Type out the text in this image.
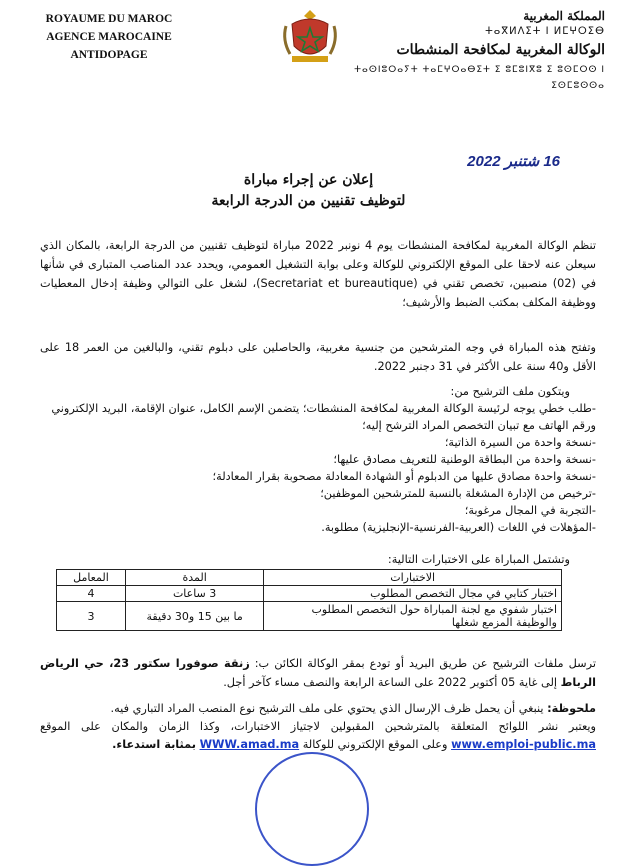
ROYAUME DU MAROC
AGENCE MAROCAINE ANTIDOPAGE
المملكة المغربية
ⵜⴰⴳⵍⴷⵉⵜ ⵏ ⵍⵎⵖⵔⵉⴱ
الوكالة المغربية لمكافحة المنشطات
ⵜⴰⵙⵏⵓⵔⴰⵢⵜ ⵜⴰⵎⵖⵔⴰⴱⵉⵜ ⵉ ⵓⵎⵓⵏⴳⵓ ⵉ ⵓⵙⵎⵔⵙ ⵏ ⵉⵙⵎⵓⵙⵙⴰ
16 شتنبر 2022
إعلان عن إجراء مباراة
لتوظيف تقنيين من الدرجة الرابعة

تنظم الوكالة المغربية لمكافحة المنشطات يوم 4 نونبر 2022 مباراة لتوظيف تقنيين من الدرجة الرابعة، بالمكان الذي سيعلن عنه لاحقا على الموقع الإلكتروني للوكالة وعلى بوابة التشغيل العمومي، ويحدد عدد المناصب المتبارى في شأنها في (02) منصبين، تخصص تقني في (Secretariat et bureautique)، لشغل على التوالي وظيفة إدخال المعطيات ووظيفة المكلف بمكتب الضبط والأرشيف؛

وتفتح هذه المباراة في وجه المترشحين من جنسية مغربية، والحاصلين على دبلوم تقني، والبالغين من العمر 18 على الأقل و40 سنة على الأكثر في 31 دجنبر 2022.

ويتكون ملف الترشيح من:
-طلب خطي يوجه لرئيسة الوكالة المغربية لمكافحة المنشطات؛ يتضمن الإسم الكامل، عنوان الإقامة، البريد الإلكتروني ورقم الهاتف مع تبيان التخصص المراد الترشح إليه؛
-نسخة واحدة من السيرة الذاتية؛
-نسخة واحدة من البطاقة الوطنية للتعريف مصادق عليها؛
-نسخة واحدة مصادق عليها من الدبلوم أو الشهادة المعادلة مصحوبة بقرار المعادلة؛
-ترخيص من الإدارة المشغلة بالنسبة للمترشحين الموظفين؛
-التجربة في المجال مرغوبة؛
-المؤهلات في اللغات (العربية-الفرنسية-الإنجليزية) مطلوبة.
وتشتمل المباراة على الاختبارات التالية:
الاختبارات	المدة	المعامل
اختبار كتابي في مجال التخصص المطلوب	3 ساعات	4
اختبار شفوي مع لجنة المباراة حول التخصص المطلوب والوظيفة المزمع شغلها	ما بين 15 و30 دقيقة	3

ترسل ملفات الترشيح عن طريق البريد أو تودع بمقر الوكالة الكائن ب: زنقة صوفورا سكتور 23، حي الرياض الرباط إلى غاية 05 أكتوبر 2022 على الساعة الرابعة والنصف مساء كآخر أجل.

ملحوظة: ينبغي أن يحمل ظرف الإرسال الذي يحتوي على ملف الترشيح نوع المنصب المراد التباري فيه.

ويعتبر نشر اللوائح المتعلقة بالمترشحين المقبولين لاجتياز الاختبارات، وكذا الزمان والمكان على الموقع www.emploi-public.ma وعلى الموقع الإلكتروني للوكالة WWW.amad.ma بمثابة استدعاء.
